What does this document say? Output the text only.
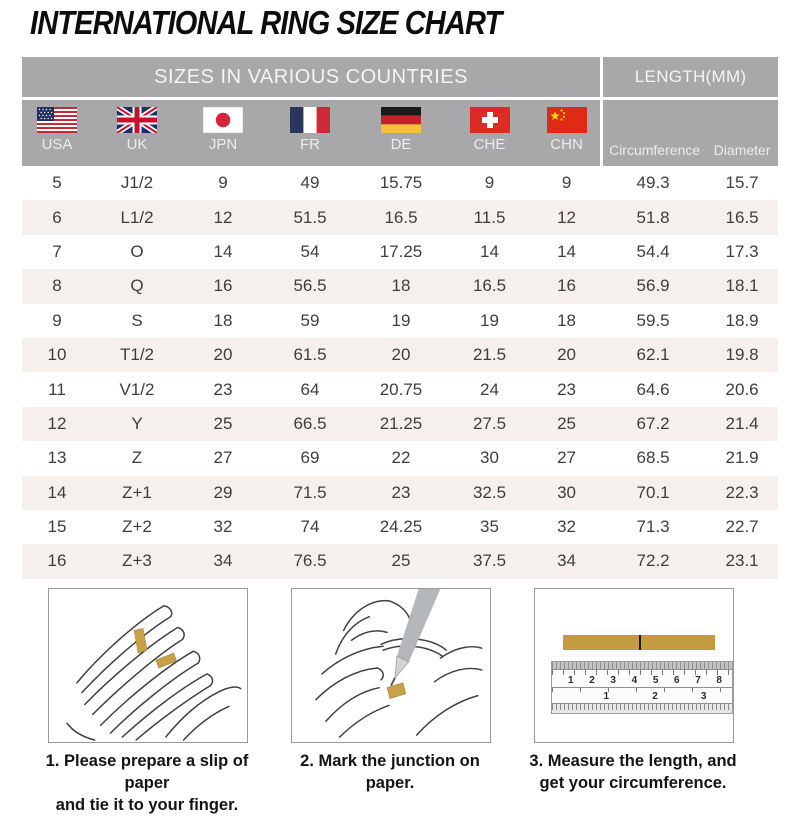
INTERNATIONAL RING SIZE CHART
SIZES IN VARIOUS COUNTRIES							LENGTH(MM)	

USA	UK	JPN	FR	DE	CHE	CHN	Circumference	Diameter
5	J1/2	9	49	15.75	9	9	49.3	15.7
6	L1/2	12	51.5	16.5	11.5	12	51.8	16.5
7	O	14	54	17.25	14	14	54.4	17.3
8	Q	16	56.5	18	16.5	16	56.9	18.1
9	S	18	59	19	19	18	59.5	18.9
10	T1/2	20	61.5	20	21.5	20	62.1	19.8
11	V1/2	23	64	20.75	24	23	64.6	20.6
12	Y	25	66.5	21.25	27.5	25	67.2	21.4
13	Z	27	69	22	30	27	68.5	21.9
14	Z+1	29	71.5	23	32.5	30	70.1	22.3
15	Z+2	32	74	24.25	35	32	71.3	22.7
16	Z+3	34	76.5	25	37.5	34	72.2	23.1
1. Please prepare a slip of paper
and tie it to your finger.
2. Mark the junction on paper.
1 2 3 4 5 6 7 8
1	2	3
3. Measure the length, and
get your circumference.
